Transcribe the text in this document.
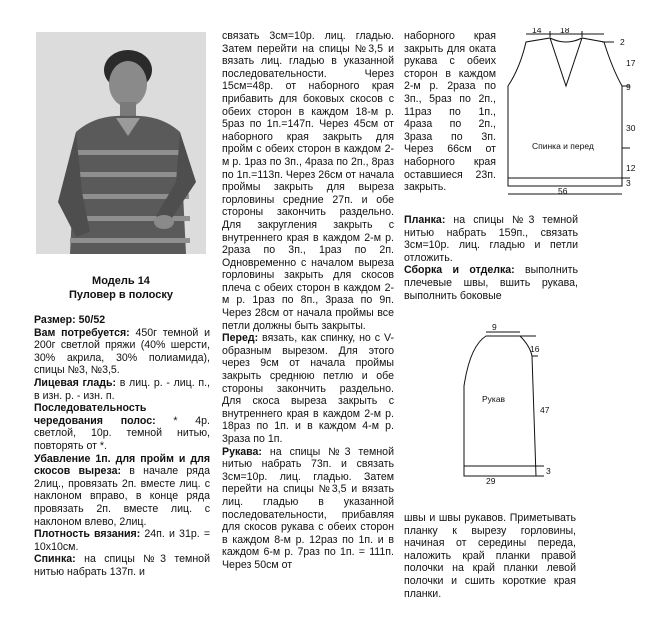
Модель 14
Пуловер в полоску

Размер: 50/52

Вам потребуется: 450г темной и 200г светлой пряжи (40% шерсти, 30% акрила, 30% полиамида), спицы №3, №3,5.

Лицевая гладь: в лиц. р. - лиц. п., в изн. р. - изн. п.

Последовательность чередования полос: * 4р. светлой, 10р. темной нитью, повторять от *.

Убавление 1п. для пройм и для скосов выреза: в начале ряда 2лиц., провязать 2п. вместе лиц. с наклоном вправо, в конце ряда провязать 2п. вместе лиц. с наклоном влево, 2лиц.

Плотность вязания: 24п. и 31р. = 10х10см.

Спинка: на спицы №3 темной нитью набрать 137п. и

связать 3см=10р. лиц. гладью. Затем перейти на спицы №3,5 и вязать лиц. гладью в указанной последовательности. Через 15см=48р. от наборного края прибавить для боковых скосов с обеих сторон в каждом 18-м р. 5раз по 1п.=147п. Через 45см от наборного края закрыть для пройм с обеих сторон в каждом 2-м р. 1раз по 3п., 4раза по 2п., 8раз по 1п.=113п. Через 26см от начала проймы закрыть для выреза горловины средние 27п. и обе стороны закончить раздельно. Для закругления закрыть с внутреннего края в каждом 2-м р. 2раза по 3п., 1раз по 2п. Одновременно с началом выреза горловины закрыть для скосов плеча с обеих сторон в каждом 2-м р. 1раз по 8п., 3раза по 9п. Через 28см от начала проймы все петли должны быть закрыты.

Перед: вязать, как спинку, но с V-образным вырезом. Для этого через 9см от начала проймы закрыть среднюю петлю и обе стороны закончить раздельно. Для скоса выреза закрыть с внутреннего края в каждом 2-м р. 18раз по 1п. и в каждом 4-м р. 3раза по 1п.

Рукава: на спицы №3 темной нитью набрать 73п. и связать 3см=10р. лиц. гладью. Затем перейти на спицы №3,5 и вязать лиц. гладью в указанной последовательности, прибавляя для скосов рукава с обеих сторон в каждом 8-м р. 12раз по 1п. и в каждом 6-м р. 7раз по 1п. = 111п. Через 50см от

наборного края закрыть для оката рукава с обеих сторон в каждом 2-м р. 2раза по 3п., 5раз по 2п., 11раз по 1п., 4раза по 2п., 3раза по 3п. Через 66см от наборного края оставшиеся 23п. закрыть.

Планка: на спицы №3 темной нитью набрать 159п., связать 3см=10р. лиц. гладью и петли отложить.

Сборка и отделка: выполнить плечевые швы, вшить рукава, выполнить боковые

швы и швы рукавов. Приметывать планку к вырезу горловины, начиная от середины переда, наложить край планки правой полочки на край планки левой полочки и сшить короткие края планки.

14 18
2
17
9
30
12
3
56
Спинка и перед
9
16
47
3
29
Рукав
